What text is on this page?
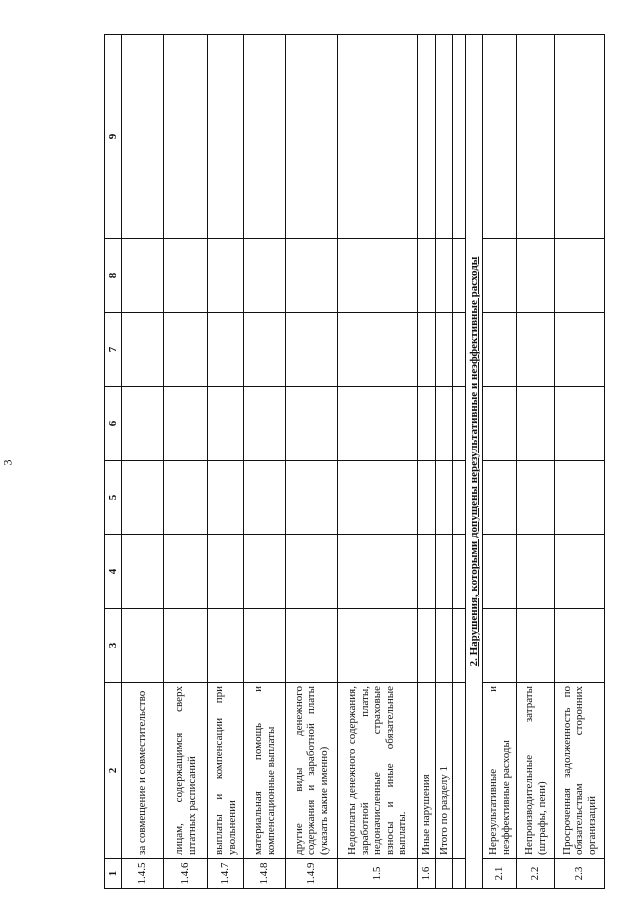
3
1	2	3	4	5	6	7	8	9
1.4.5	за совмещение и совместительство							
1.4.6	лицам, содержащимся сверх штатных расписаний							
1.4.7	выплаты и компенсации при увольнении							
1.4.8	материальная помощь и компенсационные выплаты							
1.4.9	другие виды денежного содержания и заработной платы (указать какие именно)							
1.5	Недоплаты денежного содержания, заработной платы, недоначисленные страховые взносы и иные обязательные выплаты.							
1.6	Иные нарушения							
	Итого по разделу 1							

2. Нарушения, которыми допущены нерезультативные и неэффективные расходы								
2.1	Нерезультативные и неэффективные расходы							
2.2	Непроизводительные затраты (штрафы, пени)							
2.3	Просроченная задолженность по обязательствам сторонних организаций							
